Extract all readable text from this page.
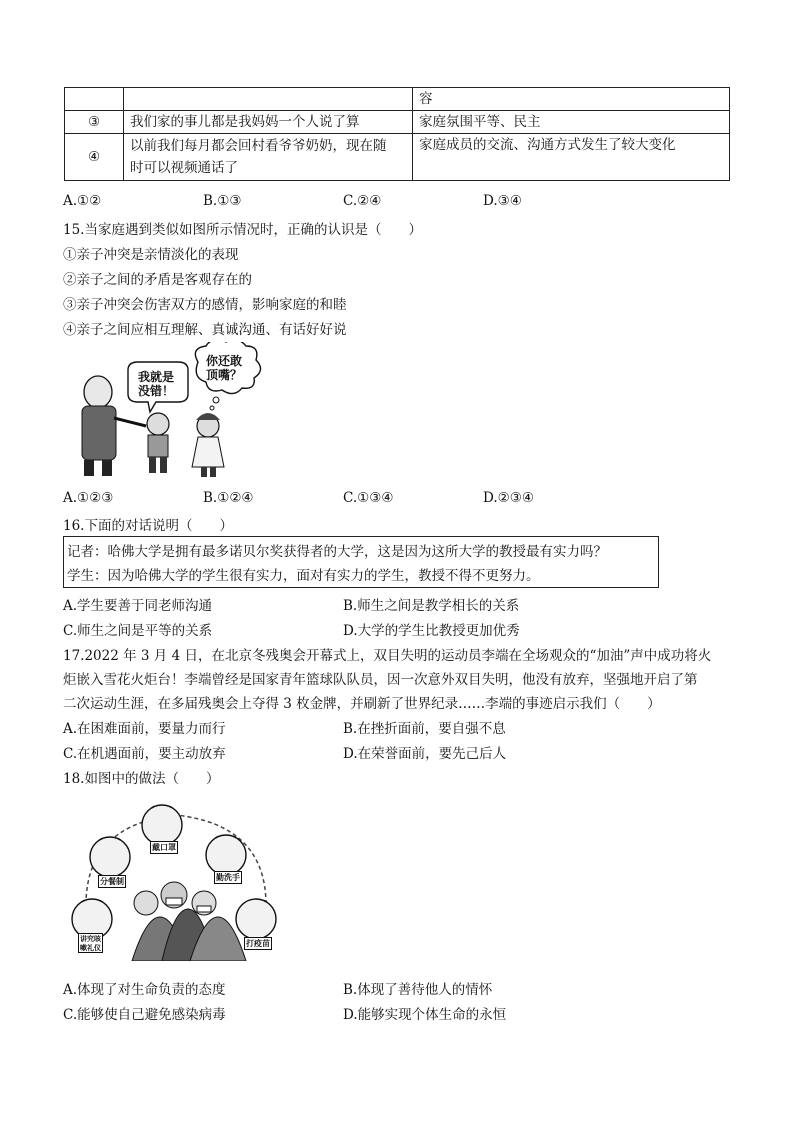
		容
③	我们家的事儿都是我妈妈一个人说了算	家庭氛围平等、民主
④	以前我们每月都会回村看爷爷奶奶，现在随
时可以视频通话了	家庭成员的交流、沟通方式发生了较大变化
A.①②	B.①③	C.②④	D.③④
15.当家庭遇到类似如图所示情况时，正确的认识是（　　）
①亲子冲突是亲情淡化的表现
②亲子之间的矛盾是客观存在的
③亲子冲突会伤害双方的感情，影响家庭的和睦
④亲子之间应相互理解、真诚沟通、有话好好说
我就是
没错！
你还敢
顶嘴？
A.①②③	B.①②④	C.①③④	D.②③④
16.下面的对话说明（　　）
记者：哈佛大学是拥有最多诺贝尔奖获得者的大学，这是因为这所大学的教授最有实力吗？
学生：因为哈佛大学的学生很有实力，面对有实力的学生，教授不得不更努力。
A.学生要善于同老师沟通	B.师生之间是教学相长的关系
C.师生之间是平等的关系	D.大学的学生比教授更加优秀
17.2022 年 3 月 4 日，在北京冬残奥会开幕式上，双目失明的运动员李端在全场观众的“加油”声中成功将火
炬嵌入雪花火炬台！李端曾经是国家青年篮球队队员，因一次意外双目失明，他没有放弃，坚强地开启了第
二次运动生涯，在多届残奥会上夺得 3 枚金牌，并刷新了世界纪录……李端的事迹启示我们（　　）
A.在困难面前，要量力而行	B.在挫折面前，要自强不息
C.在机遇面前，要主动放弃	D.在荣誉面前，要先己后人
18.如图中的做法（　　）
戴口罩
勤洗手
分餐制
讲究咳
嗽礼仪	打疫苗
A.体现了对生命负责的态度	B.体现了善待他人的情怀
C.能够使自己避免感染病毒	D.能够实现个体生命的永恒
